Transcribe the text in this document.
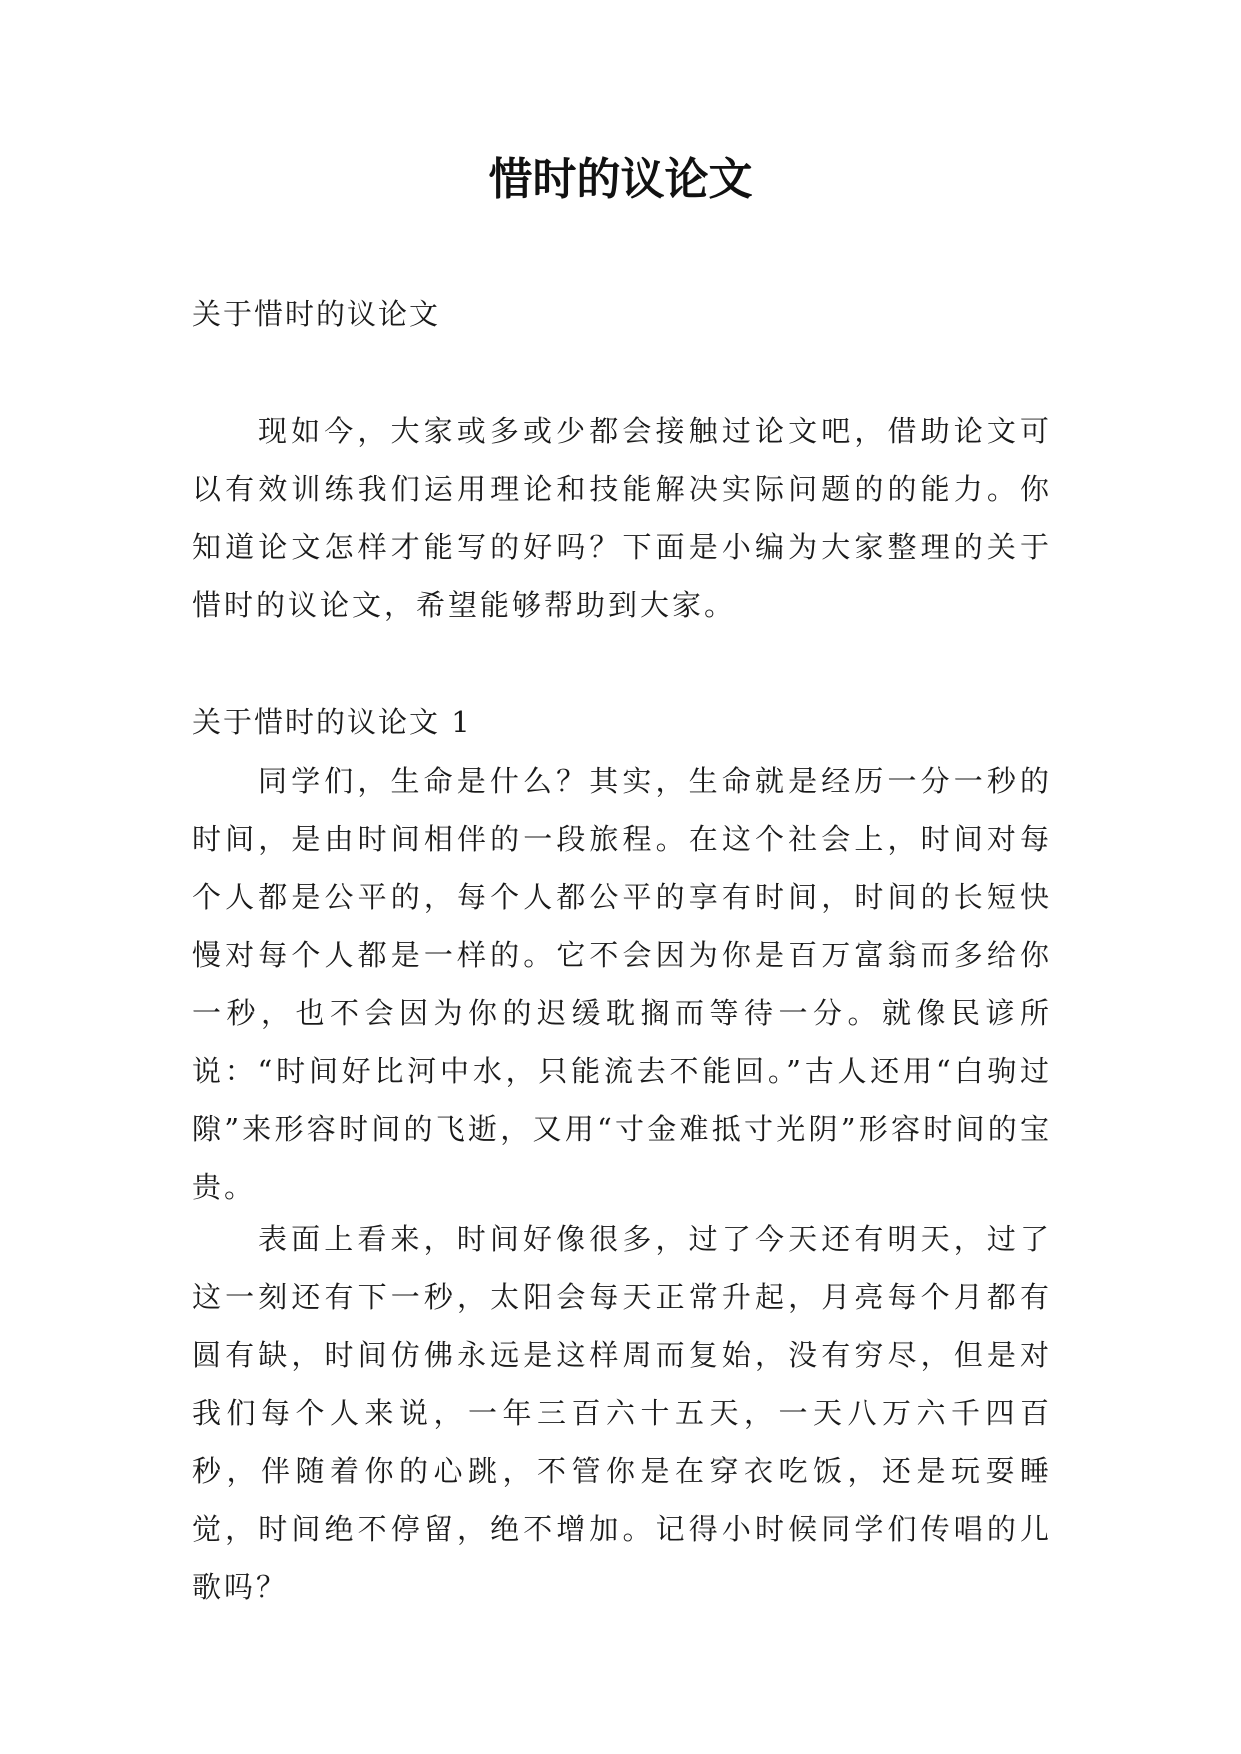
惜时的议论文

关于惜时的议论文

现如今，大家或多或少都会接触过论文吧，借助论文可以有效训练我们运用理论和技能解决实际问题的的能力。你知道论文怎样才能写的好吗？下面是小编为大家整理的关于惜时的议论文，希望能够帮助到大家。

关于惜时的议论文 1

同学们，生命是什么？其实，生命就是经历一分一秒的时间，是由时间相伴的一段旅程。在这个社会上，时间对每个人都是公平的，每个人都公平的享有时间，时间的长短快慢对每个人都是一样的。它不会因为你是百万富翁而多给你一秒，也不会因为你的迟缓耽搁而等待一分。就像民谚所说：“时间好比河中水，只能流去不能回。”古人还用“白驹过隙”来形容时间的飞逝，又用“寸金难抵寸光阴”形容时间的宝贵。

表面上看来，时间好像很多，过了今天还有明天，过了这一刻还有下一秒，太阳会每天正常升起，月亮每个月都有圆有缺，时间仿佛永远是这样周而复始，没有穷尽，但是对我们每个人来说，一年三百六十五天，一天八万六千四百秒，伴随着你的心跳，不管你是在穿衣吃饭，还是玩耍睡觉，时间绝不停留，绝不增加。记得小时候同学们传唱的儿歌吗？
